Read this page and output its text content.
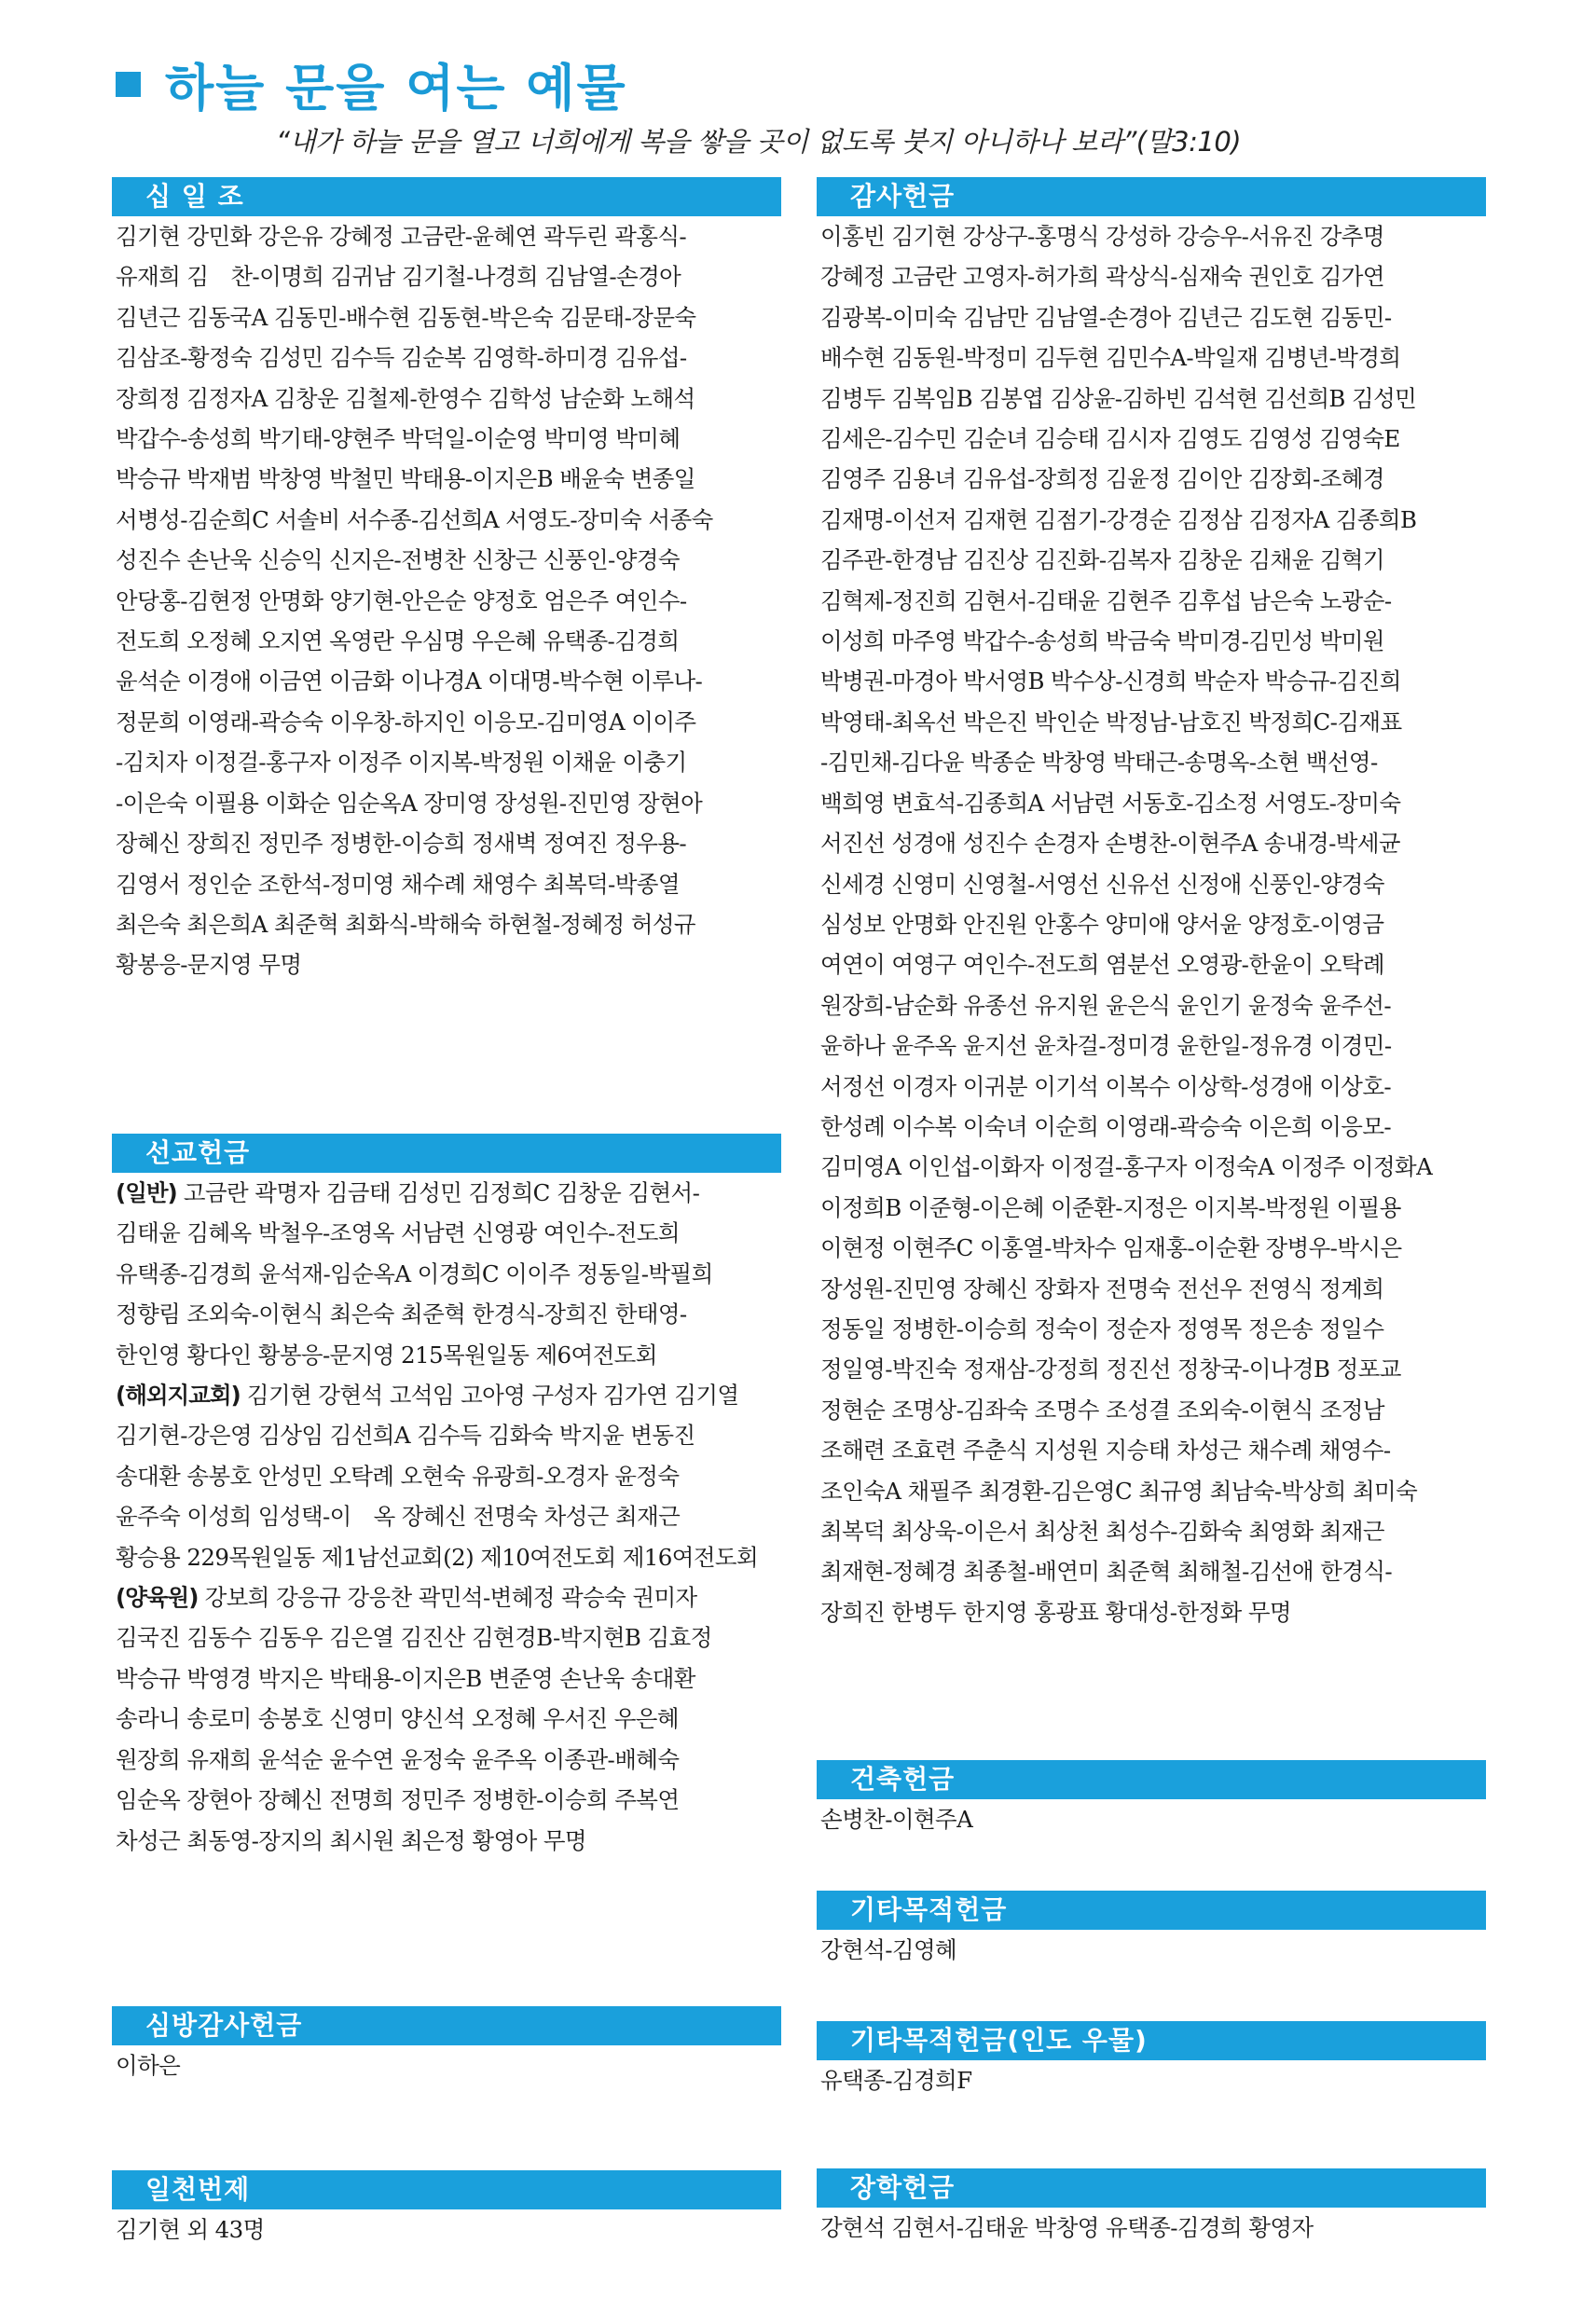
하늘 문을 여는 예물
“내가 하늘 문을 열고 너희에게 복을 쌓을 곳이 없도록 붓지 아니하나 보라”(말3:10)
십 일 조

김기현 강민화 강은유 강혜정 고금란-윤혜연 곽두린 곽홍식-

유재희 김　찬-이명희 김귀남 김기철-나경희 김남열-손경아

김년근 김동국A 김동민-배수현 김동현-박은숙 김문태-장문숙

김삼조-황정숙 김성민 김수득 김순복 김영학-하미경 김유섭-

장희정 김정자A 김창운 김철제-한영수 김학성 남순화 노해석

박갑수-송성희 박기태-양현주 박덕일-이순영 박미영 박미혜

박승규 박재범 박창영 박철민 박태용-이지은B 배윤숙 변종일

서병성-김순희C 서솔비 서수종-김선희A 서영도-장미숙 서종숙

성진수 손난욱 신승익 신지은-전병찬 신창근 신풍인-양경숙

안당홍-김현정 안명화 양기현-안은순 양정호 엄은주 여인수-

전도희 오정혜 오지연 옥영란 우심명 우은혜 유택종-김경희

윤석순 이경애 이금연 이금화 이나경A 이대명-박수현 이루나-

정문희 이영래-곽승숙 이우창-하지인 이응모-김미영A 이이주

-김치자 이정걸-홍구자 이정주 이지복-박정원 이채윤 이충기

-이은숙 이필용 이화순 임순옥A 장미영 장성원-진민영 장현아

장혜신 장희진 정민주 정병한-이승희 정새벽 정여진 정우용-

김영서 정인순 조한석-정미영 채수례 채영수 최복덕-박종열

최은숙 최은희A 최준혁 최화식-박해숙 하현철-정혜정 허성규

황봉응-문지영 무명

선교헌금

(일반) 고금란 곽명자 김금태 김성민 김정희C 김창운 김현서-

김태윤 김혜옥 박철우-조영옥 서남련 신영광 여인수-전도희

유택종-김경희 윤석재-임순옥A 이경희C 이이주 정동일-박필희

정향림 조외숙-이현식 최은숙 최준혁 한경식-장희진 한태영-

한인영 황다인 황봉응-문지영 215목원일동 제6여전도회

(해외지교회) 김기현 강현석 고석임 고아영 구성자 김가연 김기열

김기현-강은영 김상임 김선희A 김수득 김화숙 박지윤 변동진

송대환 송봉호 안성민 오탁례 오현숙 유광희-오경자 윤정숙

윤주숙 이성희 임성택-이　옥 장혜신 전명숙 차성근 최재근

황승용 229목원일동 제1남선교회(2) 제10여전도회 제16여전도회

(양육원) 강보희 강응규 강응찬 곽민석-변혜정 곽승숙 권미자

김국진 김동수 김동우 김은열 김진산 김현경B-박지현B 김효정

박승규 박영경 박지은 박태용-이지은B 변준영 손난욱 송대환

송라니 송로미 송봉호 신영미 양신석 오정혜 우서진 우은혜

원장희 유재희 윤석순 윤수연 윤정숙 윤주옥 이종관-배혜숙

임순옥 장현아 장혜신 전명희 정민주 정병한-이승희 주복연

차성근 최동영-장지의 최시원 최은정 황영아 무명

심방감사헌금

이하은

일천번제

김기현 외 43명

감사헌금

이홍빈 김기현 강상구-홍명식 강성하 강승우-서유진 강추명

강혜정 고금란 고영자-허가희 곽상식-심재숙 권인호 김가연

김광복-이미숙 김남만 김남열-손경아 김년근 김도현 김동민-

배수현 김동원-박정미 김두현 김민수A-박일재 김병년-박경희

김병두 김복임B 김봉엽 김상윤-김하빈 김석현 김선희B 김성민

김세은-김수민 김순녀 김승태 김시자 김영도 김영성 김영숙E

김영주 김용녀 김유섭-장희정 김윤정 김이안 김장회-조혜경

김재명-이선저 김재현 김점기-강경순 김정삼 김정자A 김종희B

김주관-한경남 김진상 김진화-김복자 김창운 김채윤 김혁기

김혁제-정진희 김현서-김태윤 김현주 김후섭 남은숙 노광순-

이성희 마주영 박갑수-송성희 박금숙 박미경-김민성 박미원

박병권-마경아 박서영B 박수상-신경희 박순자 박승규-김진희

박영태-최옥선 박은진 박인순 박정남-남호진 박정희C-김재표

-김민채-김다윤 박종순 박창영 박태근-송명옥-소현 백선영-

백희영 변효석-김종희A 서남련 서동호-김소정 서영도-장미숙

서진선 성경애 성진수 손경자 손병찬-이현주A 송내경-박세균

신세경 신영미 신영철-서영선 신유선 신정애 신풍인-양경숙

심성보 안명화 안진원 안홍수 양미애 양서윤 양정호-이영금

여연이 여영구 여인수-전도희 염분선 오영광-한윤이 오탁례

원장희-남순화 유종선 유지원 윤은식 윤인기 윤정숙 윤주선-

윤하나 윤주옥 윤지선 윤차걸-정미경 윤한일-정유경 이경민-

서정선 이경자 이귀분 이기석 이복수 이상학-성경애 이상호-

한성례 이수복 이숙녀 이순희 이영래-곽승숙 이은희 이응모-

김미영A 이인섭-이화자 이정걸-홍구자 이정숙A 이정주 이정화A

이정희B 이준형-이은혜 이준환-지정은 이지복-박정원 이필용

이현정 이현주C 이홍열-박차수 임재홍-이순환 장병우-박시은

장성원-진민영 장혜신 장화자 전명숙 전선우 전영식 정계희

정동일 정병한-이승희 정숙이 정순자 정영목 정은송 정일수

정일영-박진숙 정재삼-강정희 정진선 정창국-이나경B 정포교

정현순 조명상-김좌숙 조명수 조성결 조외숙-이현식 조정남

조해련 조효련 주춘식 지성원 지승태 차성근 채수례 채영수-

조인숙A 채필주 최경환-김은영C 최규영 최남숙-박상희 최미숙

최복덕 최상욱-이은서 최상천 최성수-김화숙 최영화 최재근

최재현-정혜경 최종철-배연미 최준혁 최해철-김선애 한경식-

장희진 한병두 한지영 홍광표 황대성-한정화 무명

건축헌금

손병찬-이현주A

기타목적헌금

강현석-김영혜

기타목적헌금(인도 우물)

유택종-김경희F

장학헌금

강현석 김현서-김태윤 박창영 유택종-김경희 황영자
